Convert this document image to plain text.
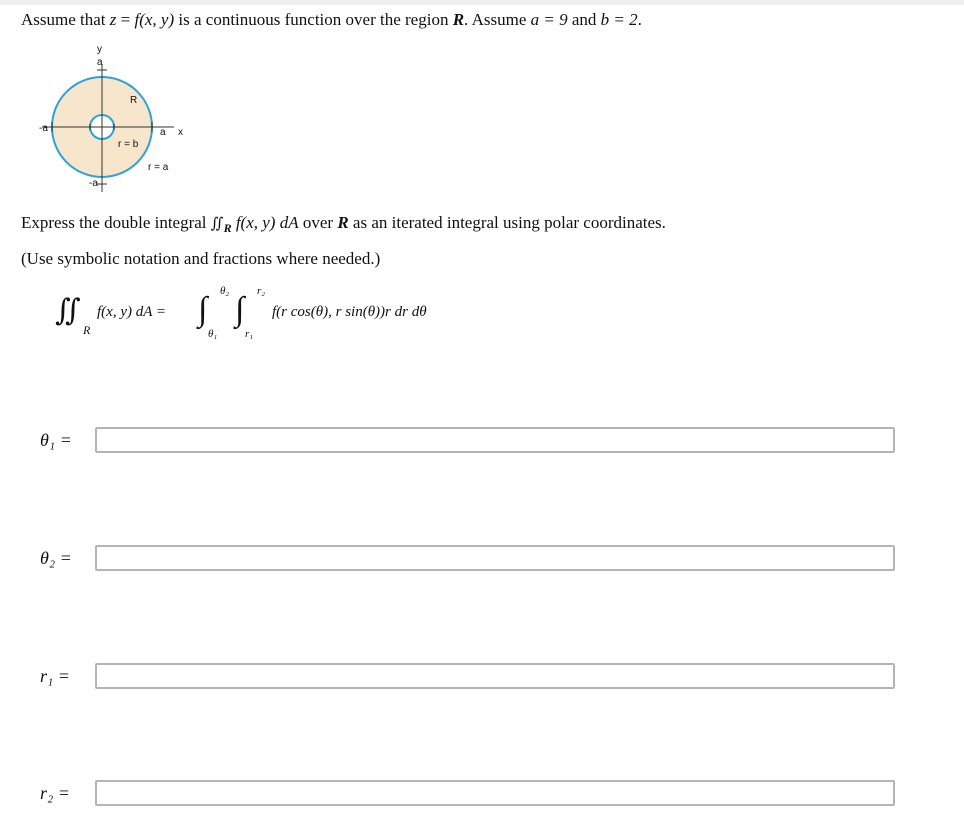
Assume that z = f(x, y) is a continuous function over the region R. Assume a = 9 and b = 2.
y
a
x
a
-a
-a
R
r = b
r = a
Express the double integral $∬_R$ f(x, y) dA over R as an iterated integral using polar coordinates.
(Use symbolic notation and fractions where needed.)
∬
R
f(x, y) dA = ∫ θ₂
θ₁
∫ r₂
r₁
f(r cos(θ), r sin(θ))r dr dθ
θ₁ =
θ₂ =
r₁ =
r₂ =
